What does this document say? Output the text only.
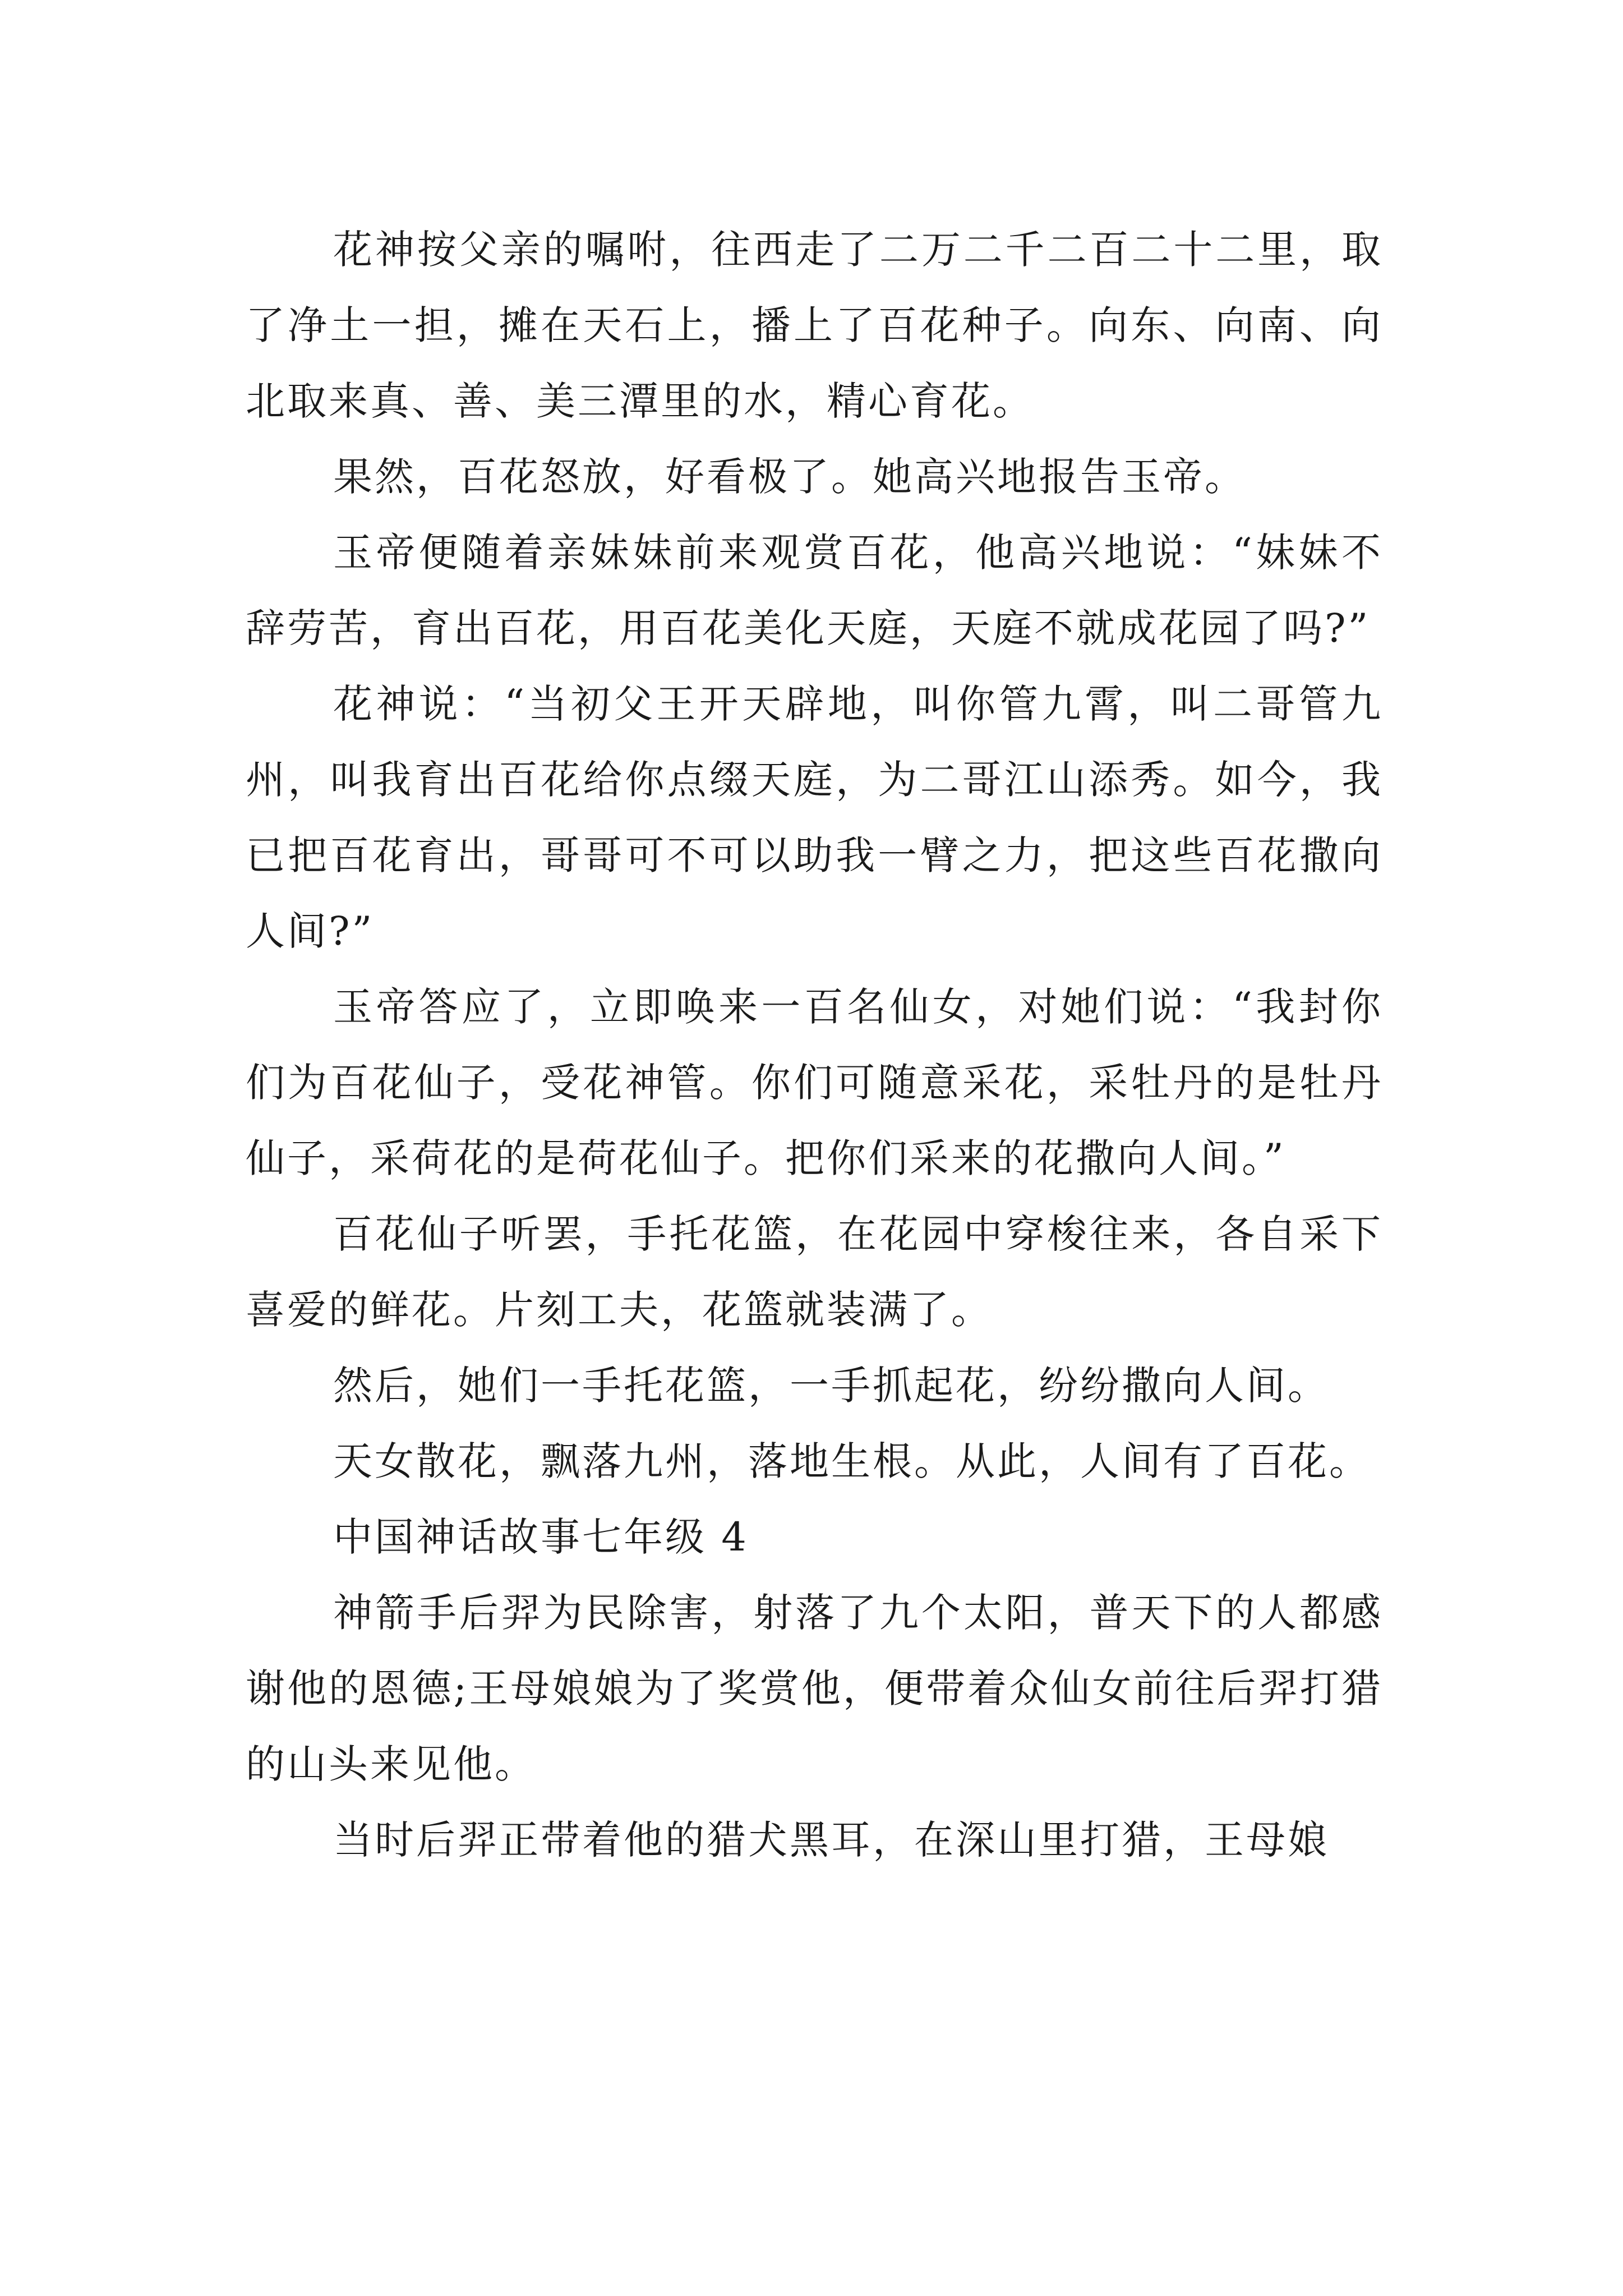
花神按父亲的嘱咐，往西走了二万二千二百二十二里，取了净土一担，摊在天石上，播上了百花种子。向东、向南、向北取来真、善、美三潭里的水，精心育花。

果然，百花怒放，好看极了。她高兴地报告玉帝。

玉帝便随着亲妹妹前来观赏百花，他高兴地说：“妹妹不辞劳苦，育出百花，用百花美化天庭，天庭不就成花园了吗?”

花神说：“当初父王开天辟地，叫你管九霄，叫二哥管九州，叫我育出百花给你点缀天庭，为二哥江山添秀。如今，我已把百花育出，哥哥可不可以助我一臂之力，把这些百花撒向人间?”

玉帝答应了，立即唤来一百名仙女，对她们说：“我封你们为百花仙子，受花神管。你们可随意采花，采牡丹的是牡丹仙子，采荷花的是荷花仙子。把你们采来的花撒向人间。”

百花仙子听罢，手托花篮，在花园中穿梭往来，各自采下喜爱的鲜花。片刻工夫，花篮就装满了。

然后，她们一手托花篮，一手抓起花，纷纷撒向人间。

天女散花，飘落九州，落地生根。从此，人间有了百花。

中国神话故事七年级 4

神箭手后羿为民除害，射落了九个太阳，普天下的人都感谢他的恩德;王母娘娘为了奖赏他，便带着众仙女前往后羿打猎的山头来见他。

当时后羿正带着他的猎犬黑耳，在深山里打猎，王母娘
